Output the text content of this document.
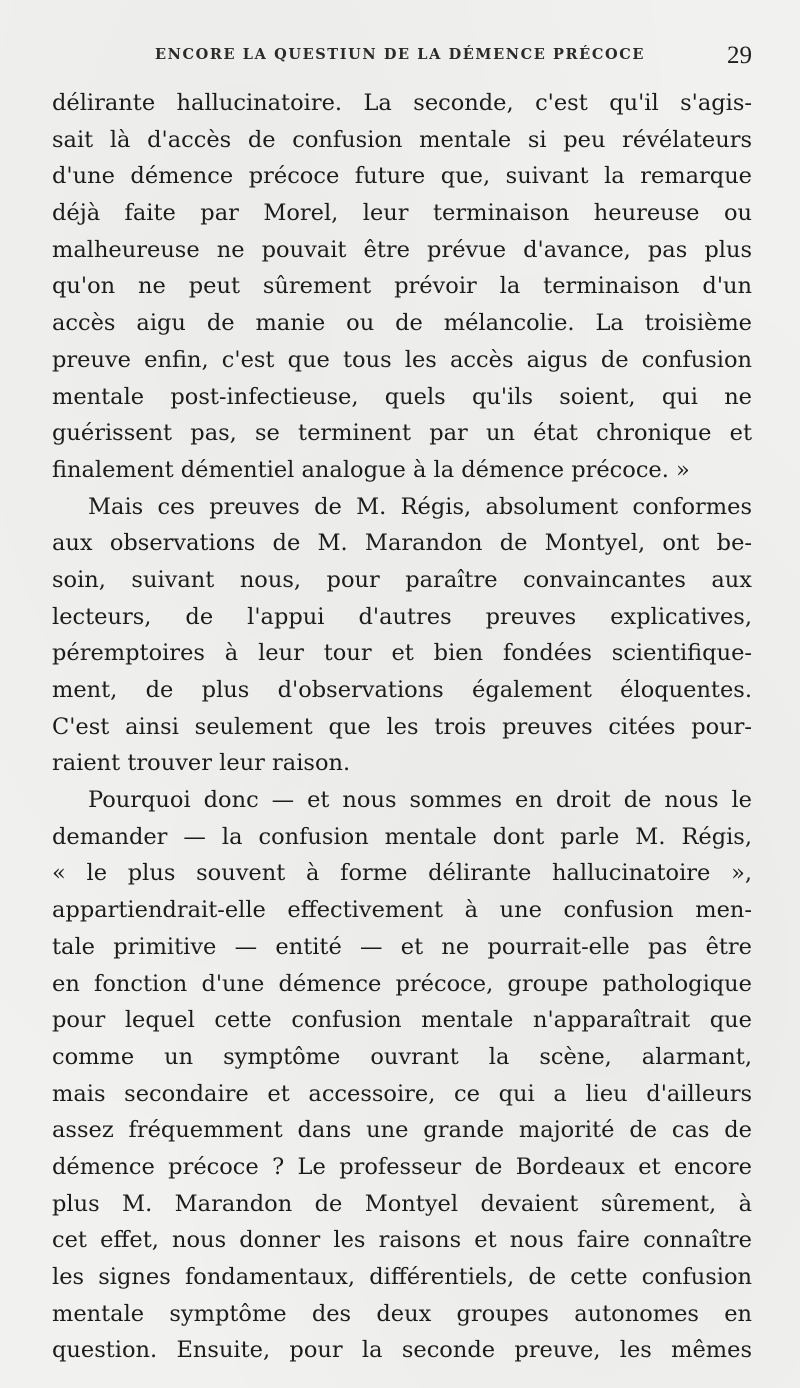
ENCORE LA QUESTIUN DE LA DÉMENCE PRÉCOCE	29
délirante hallucinatoire. La seconde, c'est qu'il s'agis-
sait là d'accès de confusion mentale si peu révélateurs
d'une démence précoce future que, suivant la remarque
déjà faite par Morel, leur terminaison heureuse ou
malheureuse ne pouvait être prévue d'avance, pas plus
qu'on ne peut sûrement prévoir la terminaison d'un
accès aigu de manie ou de mélancolie. La troisième
preuve enfin, c'est que tous les accès aigus de confusion
mentale post-infectieuse, quels qu'ils soient, qui ne
guérissent pas, se terminent par un état chronique et
finalement démentiel analogue à la démence précoce. »
Mais ces preuves de M. Régis, absolument conformes
aux observations de M. Marandon de Montyel, ont be-
soin, suivant nous, pour paraître convaincantes aux
lecteurs, de l'appui d'autres preuves explicatives,
péremptoires à leur tour et bien fondées scientifique-
ment, de plus d'observations également éloquentes.
C'est ainsi seulement que les trois preuves citées pour-
raient trouver leur raison.
Pourquoi donc — et nous sommes en droit de nous le
demander — la confusion mentale dont parle M. Régis,
« le plus souvent à forme délirante hallucinatoire »,
appartiendrait-elle effectivement à une confusion men-
tale primitive — entité — et ne pourrait-elle pas être
en fonction d'une démence précoce, groupe pathologique
pour lequel cette confusion mentale n'apparaîtrait que
comme un symptôme ouvrant la scène, alarmant,
mais secondaire et accessoire, ce qui a lieu d'ailleurs
assez fréquemment dans une grande majorité de cas de
démence précoce ? Le professeur de Bordeaux et encore
plus M. Marandon de Montyel devaient sûrement, à
cet effet, nous donner les raisons et nous faire connaître
les signes fondamentaux, différentiels, de cette confusion
mentale symptôme des deux groupes autonomes en
question. Ensuite, pour la seconde preuve, les mêmes
